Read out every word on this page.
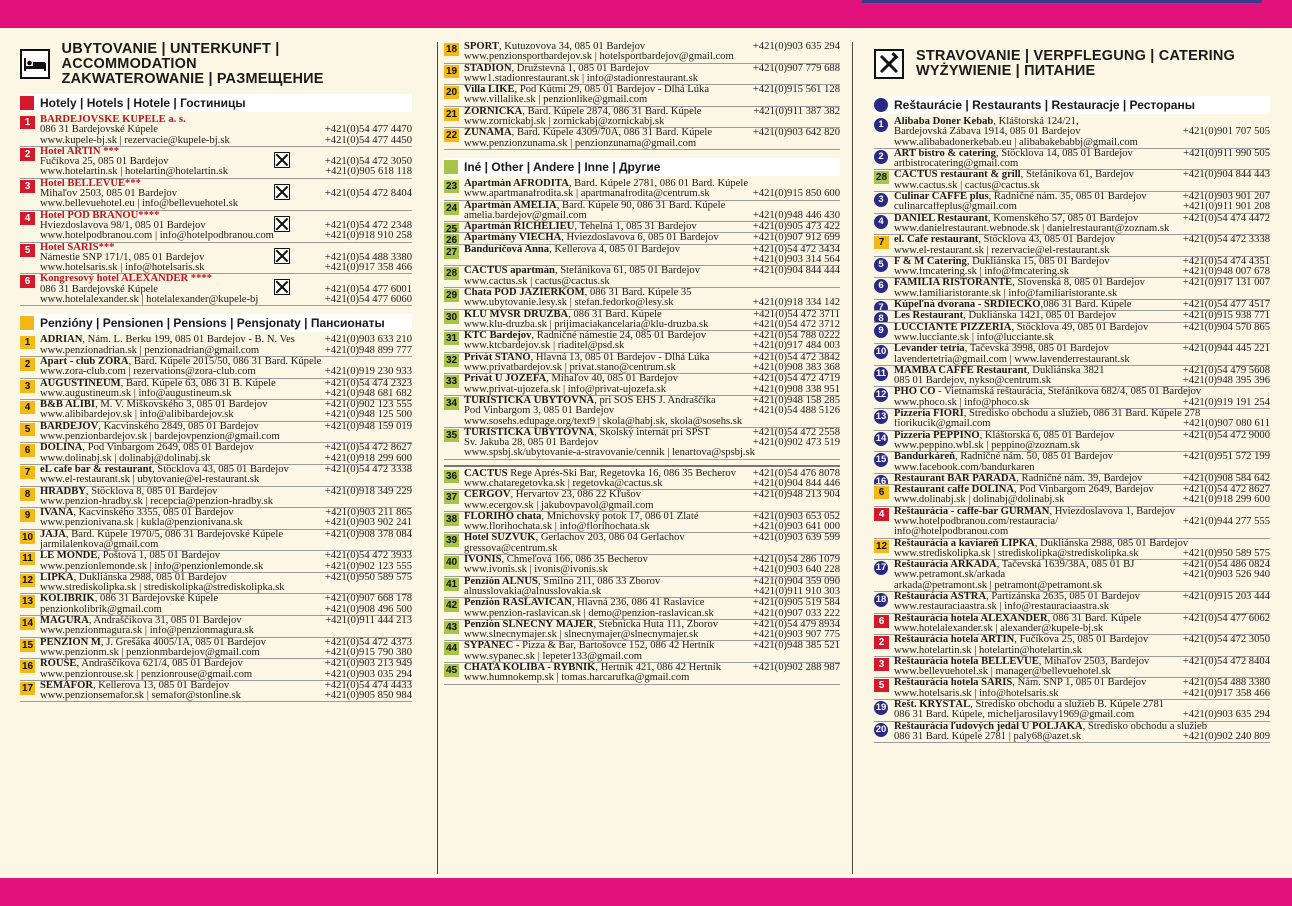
UBYTOVANIE | UNTERKUNFT | ACCOMMODATION
ZAKWATEROWANIE | РАЗМЕЩЕНИЕ
Hotely | Hotels | Hotele | Гостиницы
1 BARDEJOVSKÉ KÚPELE a. s.
086 31 Bardejovské Kúpele	+421(0)54 477 4470
www.kupele-bj.sk | rezervacie@kupele-bj.sk	+421(0)54 477 4450
2 Hotel ARTIN ***
Fučíkova 25, 085 01 Bardejov	+421(0)54 472 3050
www.hotelartin.sk | hotelartin@hotelartin.sk	+421(0)905 618 118
3 Hotel BELLEVUE***
Mihaľov 2503, 085 01 Bardejov	+421(0)54 472 8404
www.bellevuehotel.eu | info@bellevuehotel.sk
4 Hotel POD BRÁNOU****
Hviezdoslavova 98/1, 085 01 Bardejov	+421(0)54 472 2348
www.hotelpodbranou.com | info@hotelpodbranou.com	+421(0)918 910 258
5 Hotel ŠARIŠ***
Námestie SNP 171/1, 085 01 Bardejov	+421(0)54 488 3380
www.hotelsaris.sk | info@hotelsaris.sk	+421(0)917 358 466
6 Kongresový hotel ALEXANDER ****
086 31 Bardejovské Kúpele	+421(0)54 477 6001
www.hotelalexander.sk | hotelalexander@kupele-bj	+421(0)54 477 6060
Penzióny | Pensionen | Pensions | Pensjonaty | Пансионаты
1 ADRIAN, Nám. L. Berku 199, 085 01 Bardejov - B. N. Ves	+421(0)903 633 210
www.penzionadrian.sk | penzionadrian@gmail.com	+421(0)948 899 777
2 Apart - club ZORA, Bard. Kúpele 2015/50, 086 31 Bard. Kúpele
www.zora-club.com | rezervations@zora-club.com	+421(0)919 230 933
3 AUGUSTINEUM, Bard. Kúpele 63, 086 31 B. Kúpele	+421(0)54 474 2323
www.augustineum.sk | info@augustineum.sk	+421(0)948 681 682
4 B&B ALIBI, M. V. Miškovského 3, 085 01 Bardejov	+421(0)902 123 555
www.alibibardejov.sk | info@alibibardejov.sk	+421(0)948 125 500
5 BARDEJOV, Kacvinského 2849, 085 01 Bardejov	+421(0)948 159 019
www.penzionbardejov.sk | bardejovpenzion@gmail.com
6 DOLINA, Pod Vinbargom 2649, 085 01 Bardejov	+421(0)54 472 8627
www.dolinabj.sk | dolinabj@dolinabj.sk	+421(0)918 299 600
7 eL cafe bar & restaurant, Stöcklova 43, 085 01 Bardejov	+421(0)54 472 3338
www.el-restaurant.sk | ubytovanie@el-restaurant.sk
8 HRADBY, Stöcklova 8, 085 01 Bardejov	+421(0)918 349 229
www.penzion-hradby.sk | recepcia@penzion-hradby.sk
9 IVANA, Kacvinského 3355, 085 01 Bardejov	+421(0)903 211 865
www.penzionivana.sk | kukla@penzionivana.sk	+421(0)903 902 241
10 JAJA, Bard. Kúpele 1970/5, 086 31 Bardejovské Kúpele	+421(0)908 378 084
jarmilalenkova@gmail.com
11 LE MONDE, Poštová 1, 085 01 Bardejov	+421(0)54 472 3933
www.penzionlemonde.sk | info@penzionlemonde.sk	+421(0)902 123 555
12 LIPKA, Dukliánska 2988, 085 01 Bardejov	+421(0)950 589 575
www.strediskolipka.sk | strediskolipka@strediskolipka.sk
13 KOLIBRÍK, 086 31 Bardejovské Kúpele	+421(0)907 668 178
penzionkolibrik@gmail.com	+421(0)908 496 500
14 MAGURA, Andraščíkova 31, 085 01 Bardejov	+421(0)911 444 213
www.penzionmagura.sk | info@penzionmagura.sk
15 PENZIÓN M, J. Grešáka 4005/1A, 085 01 Bardejov	+421(0)54 472 4373
www.penzionm.sk | penzionmbardejov@gmail.com	+421(0)915 790 380
16 ROUSE, Andraščíkova 621/4, 085 01 Bardejov	+421(0)903 213 949
www.penzionrouse.sk | penzionrouse@gmail.com	+421(0)903 035 294
17 SEMAFOR, Kellerova 13, 085 01 Bardejov	+421(0)54 474 4433
www.penzionsemafor.sk | semafor@stonline.sk	+421(0)905 850 984
18 ŠPORT, Kutuzovova 34, 085 01 Bardejov	+421(0)903 635 294
www.penzionsportbardejov.sk | hotelsportbardejov@gmail.com
19 ŠTADIÓN, Družstevná 1, 085 01 Bardejov	+421(0)907 779 688
www1.stadionrestaurant.sk | info@stadionrestaurant.sk
20 Villa LIKE, Pod Kútmi 29, 085 01 Bardejov - Dlhá Lúka	+421(0)915 561 128
www.villalike.sk | penzionlike@gmail.com
21 ZORNIČKA, Bard. Kúpele 2874, 086 31 Bard. Kúpele	+421(0)911 387 382
www.zornickabj.sk | zornickabj@zornickabj.sk
22 ZUNAMA, Bard. Kúpele 4309/70A, 086 31 Bard. Kúpele	+421(0)903 642 820
www.penzionzunama.sk | penzionzunama@gmail.com
Iné | Other | Andere | Inne | Другие
23 Apartmán AFRODITA, Bard. Kúpele 2781, 086 01 Bard. Kúpele
www.apartmanafrodita.sk | apartmanafrodita@centrum.sk	+421(0)915 850 600
24 Apartmán AMÉLIA, Bard. Kúpele 90, 086 31 Bard. Kúpele
amelia.bardejov@gmail.com	+421(0)948 446 430
25 Apartmán RICHELIEU, Tehelná 1, 085 31 Bardejov	+421(0)905 473 422
26 Apartmány VIECHA, Hviezdoslavova 6, 085 01 Bardejov	+421(0)907 912 699
27 Banduričová Anna, Kellerova 4, 085 01 Bardejov	+421(0)54 472 3434
+421(0)903 314 564
28 CACTUS apartmán, Štefánikova 61, 085 01 Bardejov	+421(0)904 844 444
www.cactus.sk | cactus@cactus.sk
29 Chata POD JAZIERKOM, 086 31 Bard. Kúpele 35
www.ubytovanie.lesy.sk | stefan.fedorko@lesy.sk	+421(0)918 334 142
30 KLÚ MVSR DRUŽBA, 086 31 Bard. Kúpele	+421(0)54 472 3711
www.klu-druzba.sk | prijimaciakancelaria@klu-druzba.sk	+421(0)54 472 3712
31 KTC Bardejov, Radničné námestie 24, 085 01 Bardejov	+421(0)54 788 0222
www.ktcbardejov.sk | riaditel@psd.sk	+421(0)917 484 003
32 Privát STANO, Hlavná 13, 085 01 Bardejov - Dlhá Lúka	+421(0)54 472 3842
www.privatbardejov.sk | privat.stano@centrum.sk	+421(0)908 383 368
33 Privát U JOZEFA, Mihaľov 40, 085 01 Bardejov	+421(0)54 472 4719
www.privat-ujozefa.sk | info@privat-ujozefa.sk	+421(0)908 338 951
34 TURISTICKÁ UBYTOVŇA, pri SOŠ EHS J. Andraščíka	+421(0)948 158 285
Pod Vinbargom 3, 085 01 Bardejov	+421(0)54 488 5126
www.sosehs.edupage.org/text9 | skola@habj.sk, skola@sosehs.sk
35 TURISTICKÁ UBYTOVŇA, Školský internát pri SPŠT	+421(0)54 472 2558
Sv. Jakuba 28, 085 01 Bardejov	+421(0)902 473 519
www.spsbj.sk/ubytovanie-a-stravovanie/cennik | lenartova@spsbj.sk
36 CACTUS Rege Aprés-Ski Bar, Regetovka 16, 086 35 Becherov	+421(0)54 476 8078
www.chataregetovka.sk | regetovka@cactus.sk	+421(0)904 844 446
37 ČERGOV, Hervartov 23, 086 22 Kľušov	+421(0)948 213 904
www.ecergov.sk | jakubovpavol@gmail.com
38 FLORIHO chata, Mnichovský potok 17, 086 01 Zlaté	+421(0)903 653 052
www.florihochata.sk | info@florihochata.sk	+421(0)903 641 000
39 Hotel SUZVUK, Gerlachov 203, 086 04 Gerlachov	+421(0)903 639 599
gressova@centrum.sk
40 IVONIS, Chmeľová 166, 086 35 Becherov	+421(0)54 286 1079
www.ivonis.sk | ivonis@ivonis.sk	+421(0)903 640 228
41 Penzión ALNUS, Smilno 211, 086 33 Zborov	+421(0)904 359 090
alnusslovakia@alnusslovakia.sk	+421(0)911 910 303
42 Penzión RASLAVIČAN, Hlavná 236, 086 41 Raslavice	+421(0)905 519 584
www.penzion-raslavican.sk | demo@penzion-raslavican.sk	+421(0)907 033 222
43 Penzión SLNEČNÝ MAJER, Stebnícka Huta 111, Zborov	+421(0)54 479 8934
www.slnecnymajer.sk | slnecnymajer@slnecnymajer.sk	+421(0)903 907 775
44 SYPANEC - Pizza & Bar, Bartošovce 152, 086 42 Hertník	+421(0)948 385 521
www.sypanec.sk | lepeter133@gmail.com
45 CHATA KOLIBA - RYBNÍK, Hertník 421, 086 42 Hertník	+421(0)902 288 987
www.humnokemp.sk | tomas.harcarufka@gmail.com
STRAVOVANIE | VERPFLEGUNG | CATERING
WYŻYWIENIE | ПИТАНИЕ
Reštaurácie | Restaurants | Restauracje | Рестораны
1 Alibaba Doner Kebab, Kláštorská 124/21,
Bardejovská Zábava 1914, 085 01 Bardejov	+421(0)901 707 505
www.alibabadonerkebab.eu | alibabakebabbj@gmail.com
2 ART bistro & catering, Stöcklova 14, 085 01 Bardejov	+421(0)911 990 505
artbistrocatering@gmail.com
28 CACTUS restaurant & grill, Štefánikova 61, Bardejov	+421(0)904 844 443
www.cactus.sk | cactus@cactus.sk
3 Culinar CAFFE plus, Radničné nám. 35, 085 01 Bardejov	+421(0)903 901 207
culinarcaffeplus@gmail.com	+421(0)911 901 208
4 DANIEL Restaurant, Komenského 57, 085 01 Bardejov	+421(0)54 474 4472
www.danielrestaurant.webnode.sk | danielrestaurant@zoznam.sk
7 el. Cafe restaurant, Stöcklova 43, 085 01 Bardejov	+421(0)54 472 3338
www.el-restaurant.sk | rezervacie@el-restaurant.sk
5 F & M Catering, Dukliánska 15, 085 01 Bardejov	+421(0)54 474 4351
www.fmcatering.sk | info@fmcatering.sk	+421(0)948 007 678
6 FAMILIA RISTORANTE, Slovenská 8, 085 01 Bardejov	+421(0)917 131 007
www.familiaristorante.sk | info@familiaristorante.sk
7 Kúpeľná dvorana - SRDIEČKO,086 31 Bard. Kúpele	+421(0)54 477 4517
8 Les Restaurant, Dukliánska 1421, 085 01 Bardejov	+421(0)915 938 771
9 LUCCIANTE PIZZERIA, Stöcklova 49, 085 01 Bardejov	+421(0)904 570 865
www.lucciante.sk | info@lucciante.sk
10 Levander tetria, Tačevská 3998, 085 01 Bardejov	+421(0)944 445 221
lavendertetria@gmail.com | www.lavenderrestaurant.sk
11 MAMBA CAFFE Restaurant, Dukliánska 3821	+421(0)54 479 5608
085 01 Bardejov, nykso@centrum.sk	+421(0)948 395 396
12 PHO CO - Vietnamská reštaurácia, Štefánikova 682/4, 085 01 Bardejov
www.phoco.sk | info@phoco.sk	+421(0)919 191 254
13 Pizzeria FIORI, Stredisko obchodu a služieb, 086 31 Bard. Kúpele 278
fiorikucik@gmail.com	+421(0)907 080 611
14 Pizzeria PEPPINO, Kláštorská 6, 085 01 Bardejov	+421(0)54 472 9000
www.peppino.wbl.sk | peppino@zoznam.sk
15 Bandurkáreň, Radničné nám. 50, 085 01 Bardejov	+421(0)951 572 199
www.facebook.com/bandurkaren
16 Restaurant BAR PARADA, Radničné nám. 39, Bardejov	+421(0)908 584 642
6 Restaurant caffe DOLINA, Pod Vinbargom 2649, Bardejov	+421(0)54 472 8627
www.dolinabj.sk | dolinabj@dolinabj.sk	+421(0)918 299 600
4 Reštaurácia - caffe-bar GURMÁN, Hviezdoslavova 1, Bardejov
www.hotelpodbranou.com/restauracia/	+421(0)944 277 555
info@hotelpodbranou.com
12 Reštaurácia a kaviareň LIPKA, Dukliánska 2988, 085 01 Bardejov
www.strediskolipka.sk | strediskolipka@strediskolipka.sk	+421(0)950 589 575
17 Reštaurácia ARKÁDA, Tačevská 1639/38A, 085 01 BJ	+421(0)54 486 0824
www.petramont.sk/arkada	+421(0)903 526 940
arkada@petramont.sk | petramont@petramont.sk
18 Reštaurácia ASTRA, Partizánska 2635, 085 01 Bardejov	+421(0)915 203 444
www.restauraciaastra.sk | info@restauraciaastra.sk
6 Reštaurácia hotela ALEXANDER, 086 31 Bard. Kúpele	+421(0)54 477 6062
www.hotelalexander.sk | alexander@kupele-bj.sk
2 Reštaurácia hotela ARTIN, Fučíkova 25, 085 01 Bardejov	+421(0)54 472 3050
www.hotelartin.sk | hotelartin@hotelartin.sk
3 Reštaurácia hotela BELLEVUE, Mihaľov 2503, Bardejov	+421(0)54 472 8404
www.bellevuehotel.sk | manager@bellevuehotel.sk
5 Reštaurácia hotela ŠARIŠ, Nám. SNP 1, 085 01 Bardejov	+421(0)54 488 3380
www.hotelsaris.sk | info@hotelsaris.sk	+421(0)917 358 466
19 Rešt. KRYŠTÁL, Stredisko obchodu a služieb B. Kúpele 2781
086 31 Bard. Kúpele, micheljarosilavy1969@gmail.com	+421(0)903 635 294
20 Reštaurácia ľudových jedál U POLJAKA, Stredisko obchodu a služieb
086 31 Bard. Kúpele 2781 | paly68@azet.sk	+421(0)902 240 809
